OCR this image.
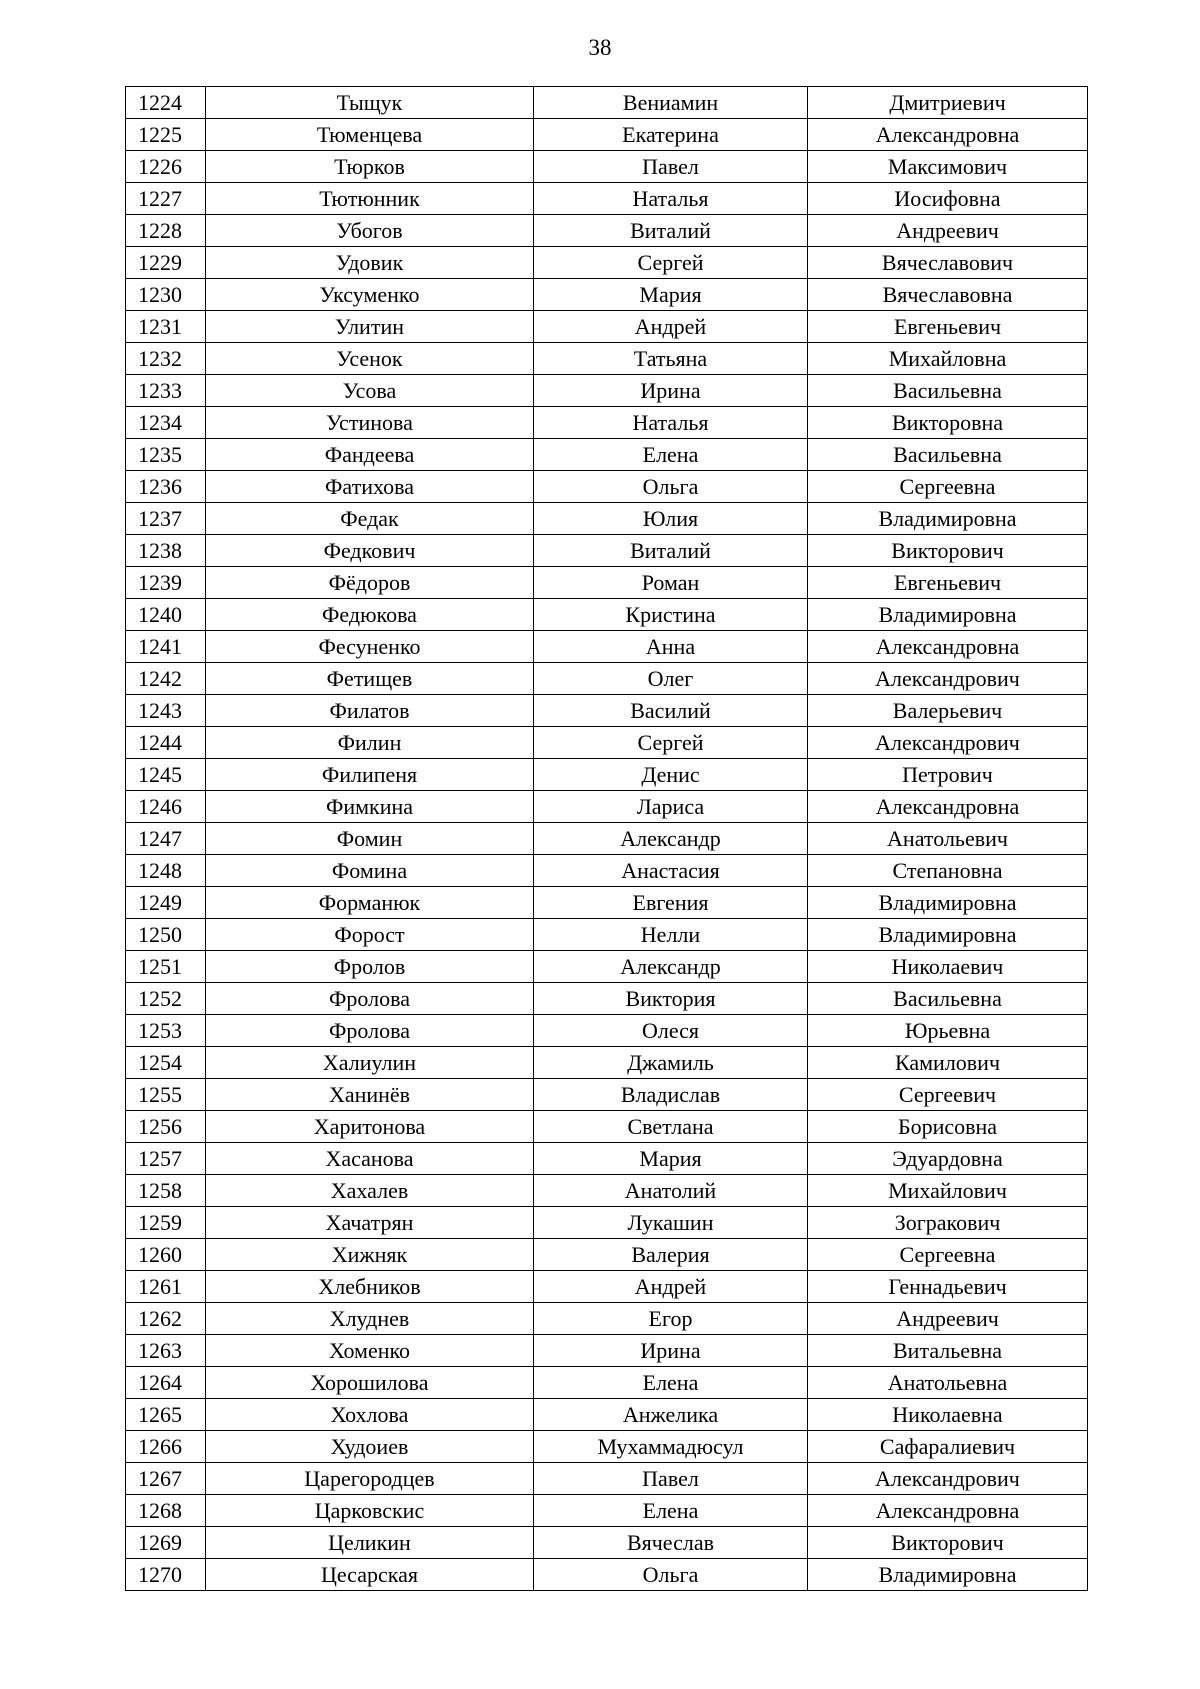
38
1224	Тыщук	Вениамин	Дмитриевич
1225	Тюменцева	Екатерина	Александровна
1226	Тюрков	Павел	Максимович
1227	Тютюнник	Наталья	Иосифовна
1228	Убогов	Виталий	Андреевич
1229	Удовик	Сергей	Вячеславович
1230	Уксуменко	Мария	Вячеславовна
1231	Улитин	Андрей	Евгеньевич
1232	Усенок	Татьяна	Михайловна
1233	Усова	Ирина	Васильевна
1234	Устинова	Наталья	Викторовна
1235	Фандеева	Елена	Васильевна
1236	Фатихова	Ольга	Сергеевна
1237	Федак	Юлия	Владимировна
1238	Федкович	Виталий	Викторович
1239	Фёдоров	Роман	Евгеньевич
1240	Федюкова	Кристина	Владимировна
1241	Фесуненко	Анна	Александровна
1242	Фетищев	Олег	Александрович
1243	Филатов	Василий	Валерьевич
1244	Филин	Сергей	Александрович
1245	Филипеня	Денис	Петрович
1246	Фимкина	Лариса	Александровна
1247	Фомин	Александр	Анатольевич
1248	Фомина	Анастасия	Степановна
1249	Форманюк	Евгения	Владимировна
1250	Форост	Нелли	Владимировна
1251	Фролов	Александр	Николаевич
1252	Фролова	Виктория	Васильевна
1253	Фролова	Олеся	Юрьевна
1254	Халиулин	Джамиль	Камилович
1255	Ханинёв	Владислав	Сергеевич
1256	Харитонова	Светлана	Борисовна
1257	Хасанова	Мария	Эдуардовна
1258	Хахалев	Анатолий	Михайлович
1259	Хачатрян	Лукашин	Зогракович
1260	Хижняк	Валерия	Сергеевна
1261	Хлебников	Андрей	Геннадьевич
1262	Хлуднев	Егор	Андреевич
1263	Хоменко	Ирина	Витальевна
1264	Хорошилова	Елена	Анатольевна
1265	Хохлова	Анжелика	Николаевна
1266	Худоиев	Мухаммадюсул	Сафаралиевич
1267	Царегородцев	Павел	Александрович
1268	Царковскис	Елена	Александровна
1269	Целикин	Вячеслав	Викторович
1270	Цесарская	Ольга	Владимировна
